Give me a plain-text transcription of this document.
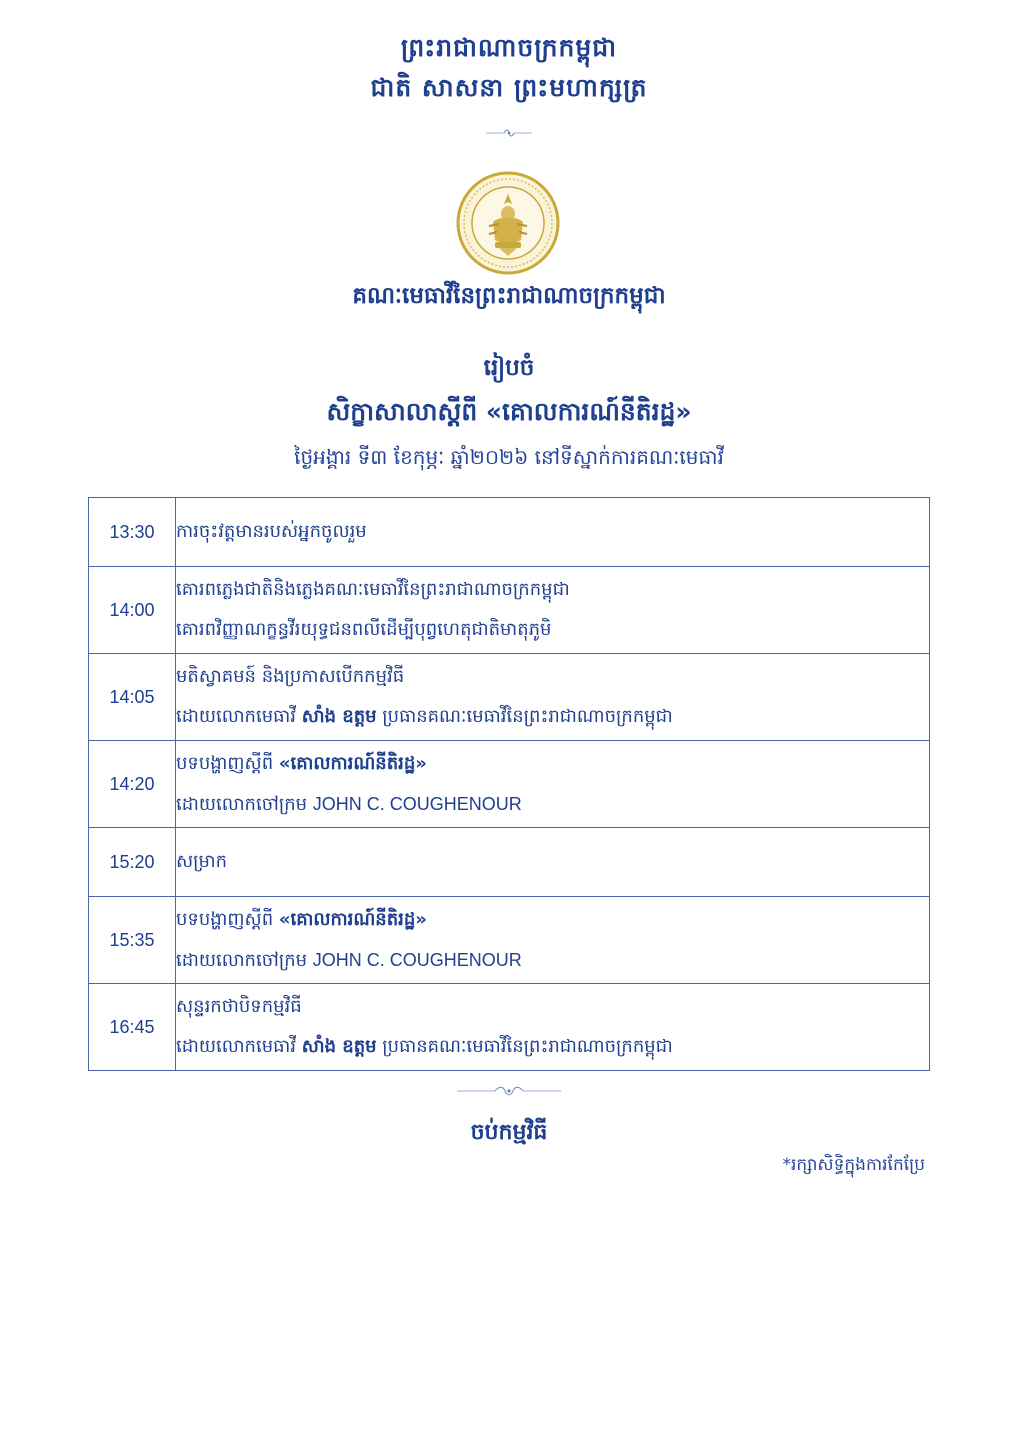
ព្រះរាជាណាចក្រកម្ពុជា
ជាតិ សាសនា ព្រះមហាក្សត្រ
គណៈមេធាវីនៃព្រះរាជាណាចក្រកម្ពុជា
រៀបចំ
សិក្ខាសាលាស្តីពី «គោលការណ៍នីតិរដ្ឋ»
ថ្ងៃអង្គារ ទី៣ ខែកុម្ភៈ ឆ្នាំ២០២៦ នៅទីស្នាក់ការគណៈមេធាវី
13:30	ការចុះវត្តមានរបស់អ្នកចូលរួម

14:00	គោរពភ្លេងជាតិនិងភ្លេងគណៈមេធាវីនៃព្រះរាជាណាចក្រកម្ពុជា
គោរពវិញ្ញាណក្ខន្ធវីរយុទ្ធជនពលីដើម្បីបុព្វហេតុជាតិមាតុភូមិ

14:05	មតិស្វាគមន៍ និងប្រកាសបើកកម្មវិធី
ដោយលោកមេធាវី សាំង ឧត្តម ប្រធានគណៈមេធាវីនៃព្រះរាជាណាចក្រកម្ពុជា

14:20	បទបង្ហាញស្តីពី «គោលការណ៍នីតិរដ្ឋ»
ដោយលោកចៅក្រម JOHN C. COUGHENOUR

15:20	សម្រាក

15:35	បទបង្ហាញស្តីពី «គោលការណ៍នីតិរដ្ឋ»
ដោយលោកចៅក្រម JOHN C. COUGHENOUR

16:45	សុន្ទរកថាបិទកម្មវិធី
ដោយលោកមេធាវី សាំង ឧត្តម ប្រធានគណៈមេធាវីនៃព្រះរាជាណាចក្រកម្ពុជា
ចប់កម្មវិធី
*រក្សាសិទ្ធិក្នុងការកែប្រែ
